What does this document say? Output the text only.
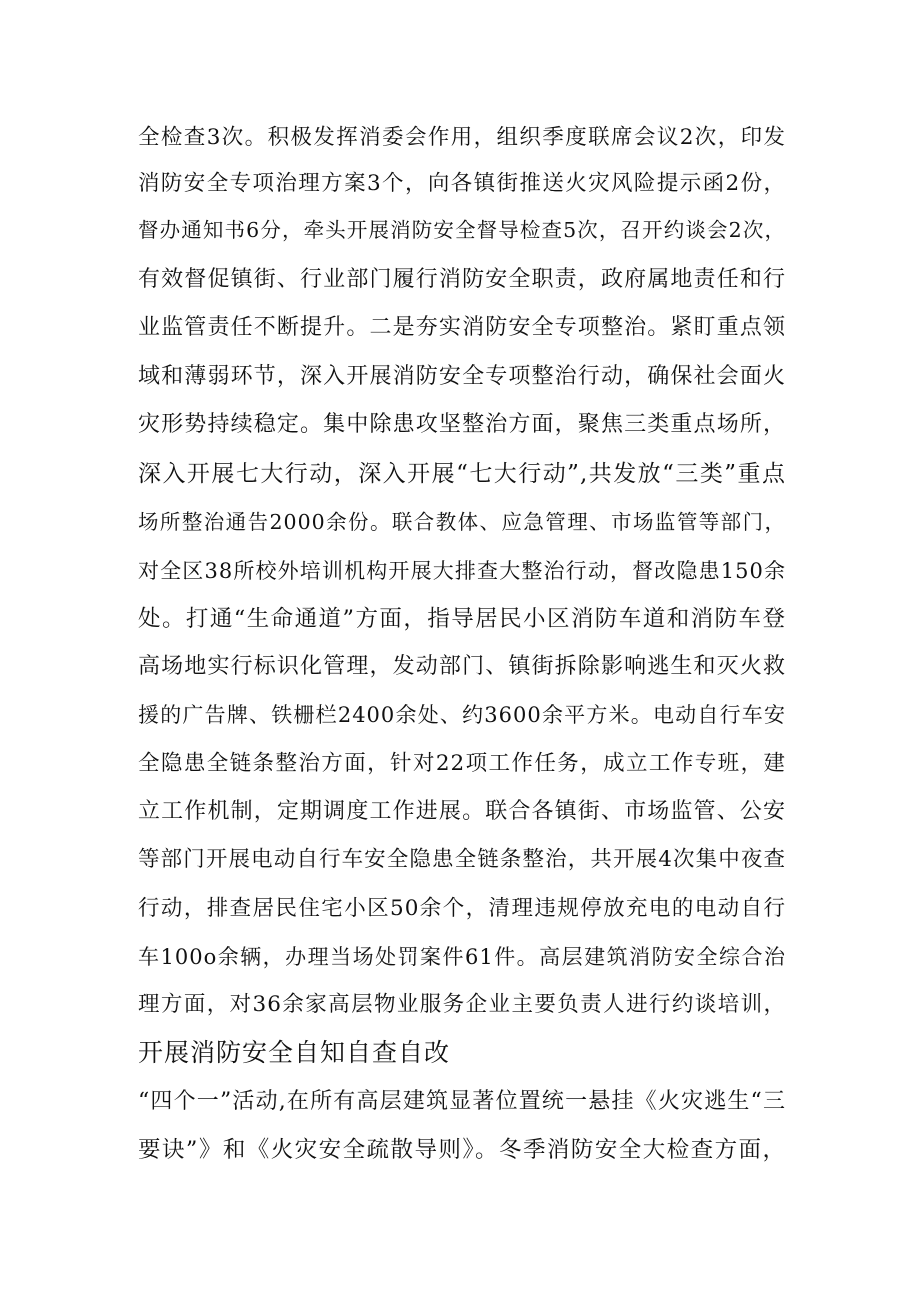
全检查3次。积极发挥消委会作用，组织季度联席会议2次，印发
消防安全专项治理方案3个，向各镇街推送火灾风险提示函2份，
督办通知书6分，牵头开展消防安全督导检查5次，召开约谈会2次，
有效督促镇街、行业部门履行消防安全职责，政府属地责任和行
业监管责任不断提升。二是夯实消防安全专项整治。紧盯重点领
域和薄弱环节，深入开展消防安全专项整治行动，确保社会面火
灾形势持续稳定。集中除患攻坚整治方面，聚焦三类重点场所，
深入开展七大行动，深入开展“七大行动”,共发放“三类”重点
场所整治通告2000余份。联合教体、应急管理、市场监管等部门，
对全区38所校外培训机构开展大排查大整治行动，督改隐患150余
处。打通“生命通道”方面，指导居民小区消防车道和消防车登
高场地实行标识化管理，发动部门、镇街拆除影响逃生和灭火救
援的广告牌、铁栅栏2400余处、约3600余平方米。电动自行车安
全隐患全链条整治方面，针对22项工作任务，成立工作专班，建
立工作机制，定期调度工作进展。联合各镇街、市场监管、公安
等部门开展电动自行车安全隐患全链条整治，共开展4次集中夜查
行动，排查居民住宅小区50余个，清理违规停放充电的电动自行
车100o余辆，办理当场处罚案件61件。高层建筑消防安全综合治
理方面，对36余家高层物业服务企业主要负责人进行约谈培训，
开展消防安全自知自查自改
“四个一”活动,在所有高层建筑显著位置统一悬挂《火灾逃生“三
要诀”》和《火灾安全疏散导则》。冬季消防安全大检查方面，
